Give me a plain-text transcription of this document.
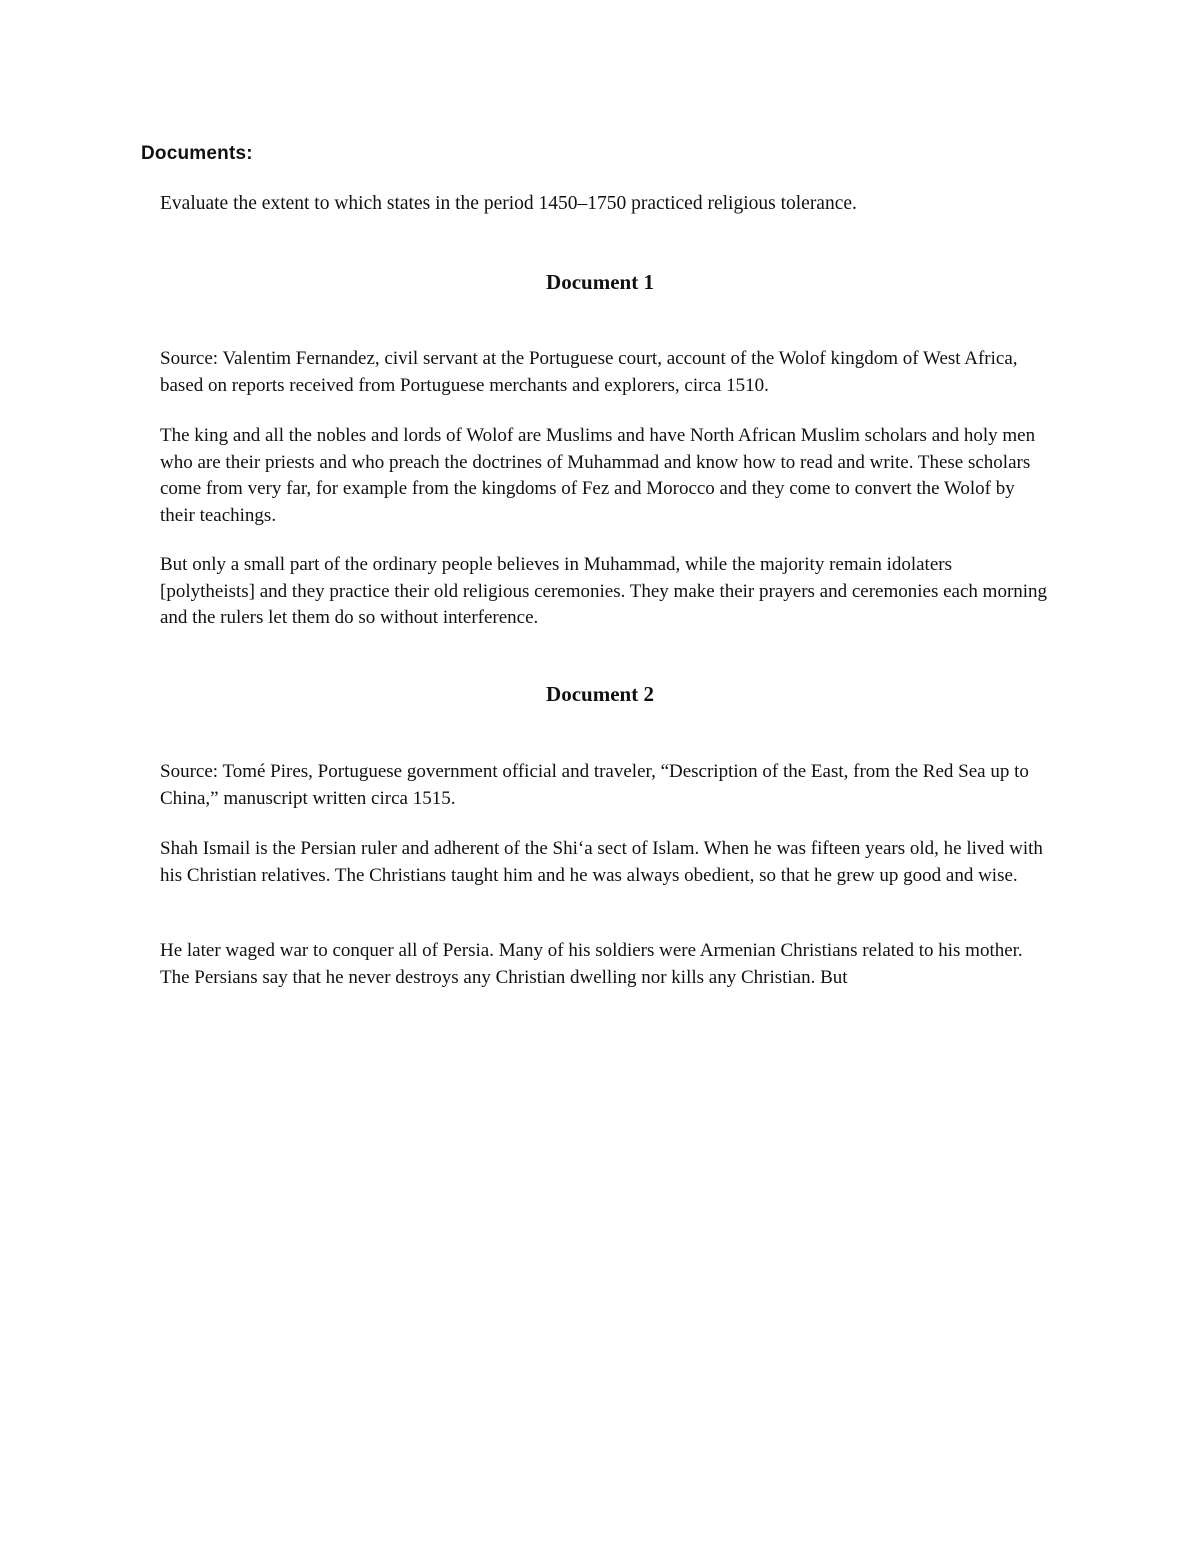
Documents:
Evaluate the extent to which states in the period 1450–1750 practiced religious tolerance.
Document 1
Source: Valentim Fernandez, civil servant at the Portuguese court, account of the Wolof kingdom of West Africa, based on reports received from Portuguese merchants and explorers, circa 1510.
The king and all the nobles and lords of Wolof are Muslims and have North African Muslim scholars and holy men who are their priests and who preach the doctrines of Muhammad and know how to read and write. These scholars come from very far, for example from the kingdoms of Fez and Morocco and they come to convert the Wolof by their teachings.
But only a small part of the ordinary people believes in Muhammad, while the majority remain idolaters [polytheists] and they practice their old religious ceremonies. They make their prayers and ceremonies each morning and the rulers let them do so without interference.
Document 2
Source: Tomé Pires, Portuguese government official and traveler, “Description of the East, from the Red Sea up to China,” manuscript written circa 1515.
Shah Ismail is the Persian ruler and adherent of the Shi‘a sect of Islam. When he was fifteen years old, he lived with his Christian relatives. The Christians taught him and he was always obedient, so that he grew up good and wise.
He later waged war to conquer all of Persia. Many of his soldiers were Armenian Christians related to his mother. The Persians say that he never destroys any Christian dwelling nor kills any Christian. But
